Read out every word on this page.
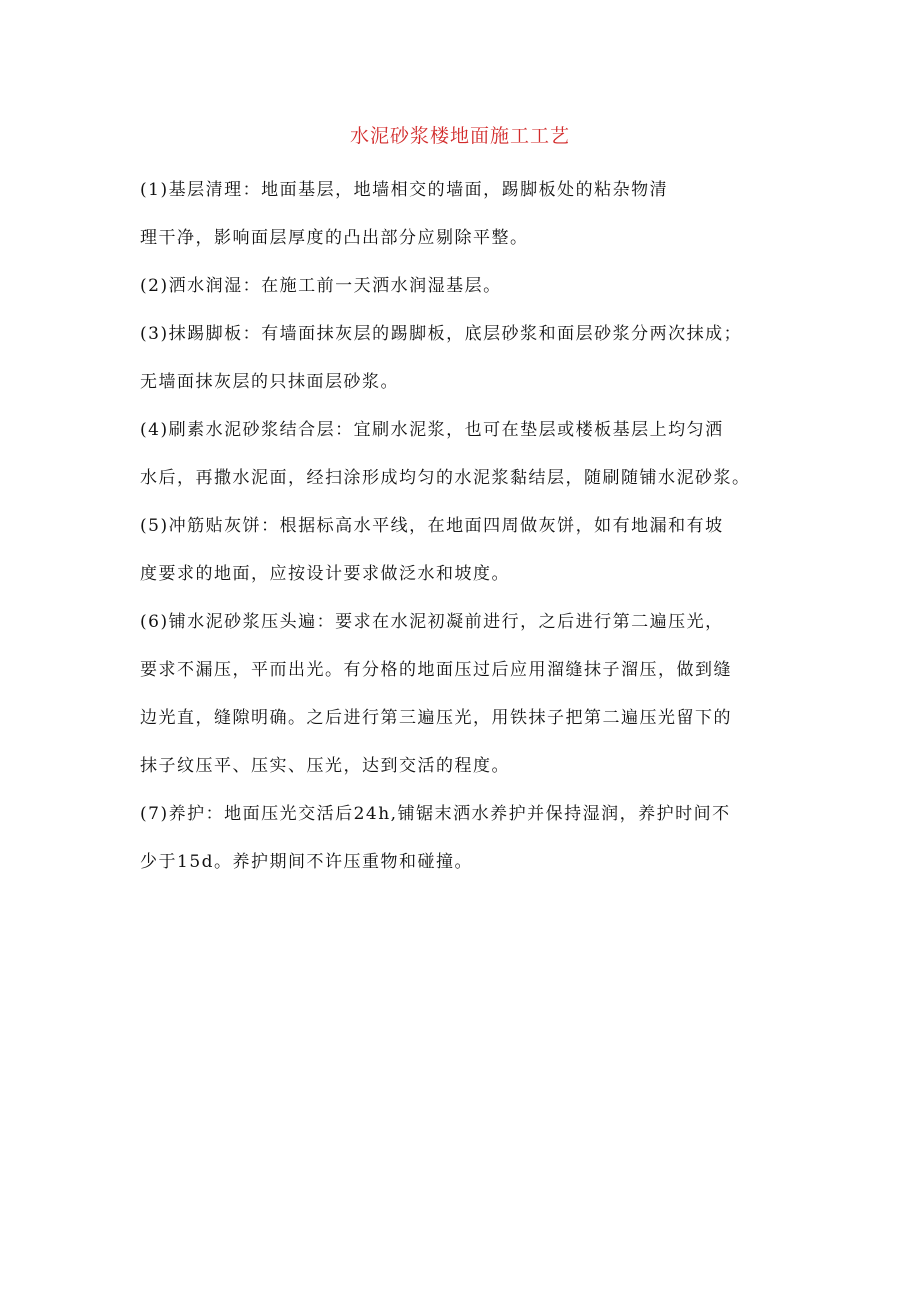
水泥砂浆楼地面施工工艺
(1)基层清理：地面基层，地墙相交的墙面，踢脚板处的粘杂物清
理干净，影响面层厚度的凸出部分应剔除平整。
(2)洒水润湿：在施工前一天洒水润湿基层。
(3)抹踢脚板：有墙面抹灰层的踢脚板，底层砂浆和面层砂浆分两次抹成；
无墙面抹灰层的只抹面层砂浆。
(4)刷素水泥砂浆结合层：宜刷水泥浆，也可在垫层或楼板基层上均匀洒
水后，再撒水泥面，经扫涂形成均匀的水泥浆黏结层，随刷随铺水泥砂浆。
(5)冲筋贴灰饼：根据标高水平线，在地面四周做灰饼，如有地漏和有坡
度要求的地面，应按设计要求做泛水和坡度。
(6)铺水泥砂浆压头遍：要求在水泥初凝前进行，之后进行第二遍压光，
要求不漏压，平而出光。有分格的地面压过后应用溜缝抹子溜压，做到缝
边光直，缝隙明确。之后进行第三遍压光，用铁抹子把第二遍压光留下的
抹子纹压平、压实、压光，达到交活的程度。
(7)养护：地面压光交活后24h,铺锯末洒水养护并保持湿润，养护时间不
少于15d。养护期间不许压重物和碰撞。
